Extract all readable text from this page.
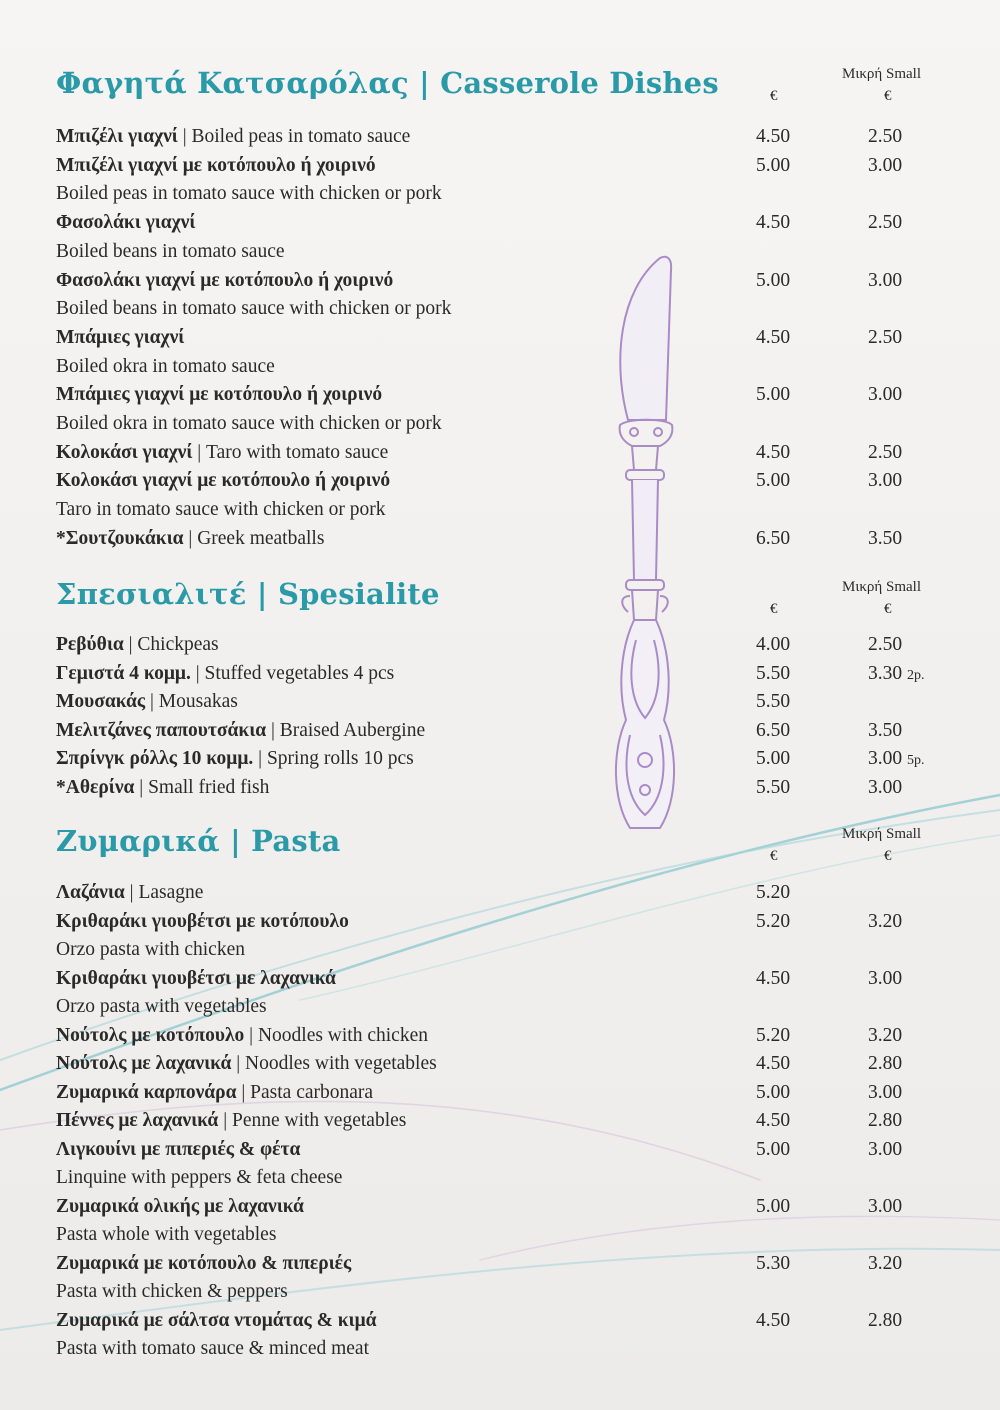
Φαγητά Κατσαρόλας | Casserole Dishes	Μικρή Small
€	€
Μπιζέλι γιαχνί | Boiled peas in tomato sauce	4.50	2.50
Μπιζέλι γιαχνί με κοτόπουλο ή χοιρινό	5.00	3.00
Boiled peas in tomato sauce with chicken or pork
Φασολάκι γιαχνί	4.50	2.50
Boiled beans in tomato sauce
Φασολάκι γιαχνί με κοτόπουλο ή χοιρινό	5.00	3.00
Boiled beans in tomato sauce with chicken or pork
Μπάμιες γιαχνί	4.50	2.50
Boiled okra in tomato sauce
Μπάμιες γιαχνί με κοτόπουλο ή χοιρινό	5.00	3.00
Boiled okra in tomato sauce with chicken or pork
Κολοκάσι γιαχνί | Taro with tomato sauce	4.50	2.50
Κολοκάσι γιαχνί με κοτόπουλο ή χοιρινό	5.00	3.00
Taro in tomato sauce with chicken or pork
*Σουτζουκάκια | Greek meatballs	6.50	3.50
Σπεσιαλιτέ | Spesialite	Μικρή Small
€	€
Ρεβύθια | Chickpeas	4.00	2.50
Γεμιστά 4 κομμ. | Stuffed vegetables 4 pcs	5.50	3.30 2p.
Μουσακάς | Mousakas	5.50
Μελιτζάνες παπουτσάκια | Braised Aubergine	6.50	3.50
Σπρίνγκ ρόλλς 10 κομμ. | Spring rolls 10 pcs	5.00	3.00 5p.
*Αθερίνα | Small fried fish	5.50	3.00
Ζυμαρικά | Pasta	Μικρή Small
€	€
Λαζάνια | Lasagne	5.20
Κριθαράκι γιουβέτσι με κοτόπουλο	5.20	3.20
Orzo pasta with chicken
Κριθαράκι γιουβέτσι με λαχανικά	4.50	3.00
Orzo pasta with vegetables
Νούτολς με κοτόπουλο | Noodles with chicken	5.20	3.20
Νούτολς με λαχανικά | Noodles with vegetables	4.50	2.80
Ζυμαρικά καρπονάρα | Pasta carbonara	5.00	3.00
Πέννες με λαχανικά | Penne with vegetables	4.50	2.80
Λιγκουίνι με πιπεριές & φέτα	5.00	3.00
Linquine with peppers & feta cheese
Ζυμαρικά ολικής με λαχανικά	5.00	3.00
Pasta whole with vegetables
Ζυμαρικά με κοτόπουλο & πιπεριές	5.30	3.20
Pasta with chicken & peppers
Ζυμαρικά με σάλτσα ντομάτας & κιμά	4.50	2.80
Pasta with tomato sauce & minced meat
